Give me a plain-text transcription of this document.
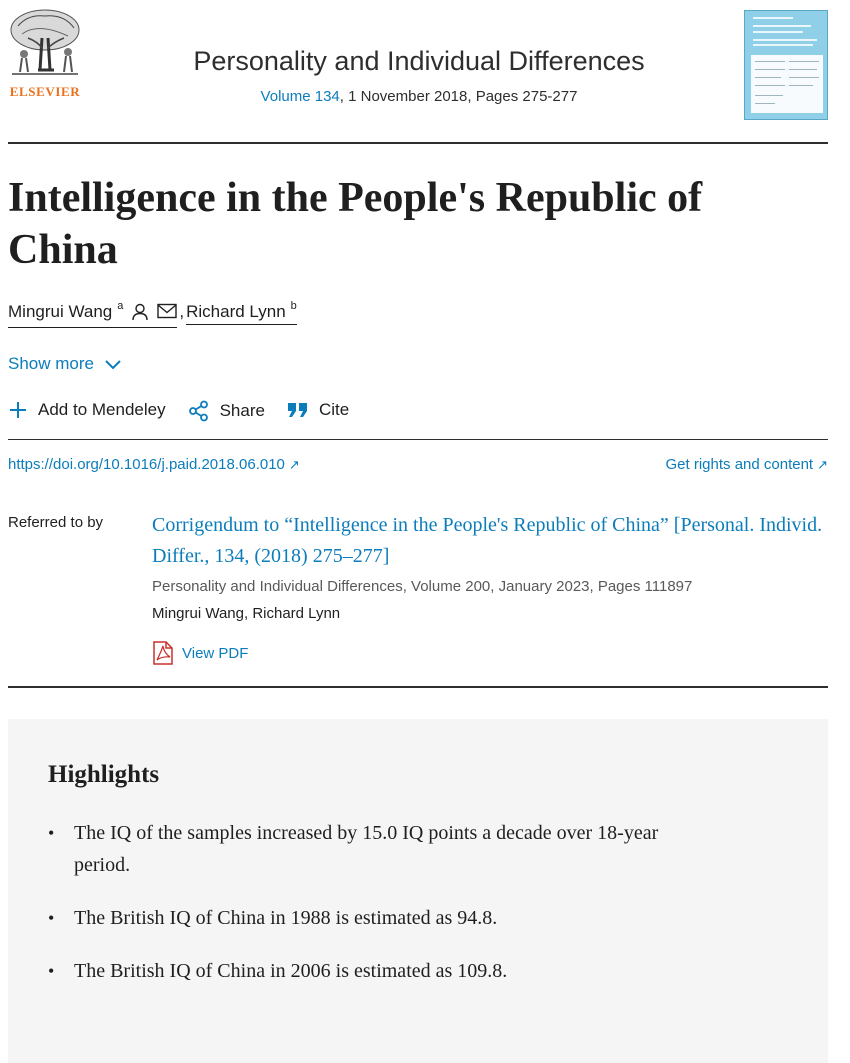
ELSEVIER
Personality and Individual Differences
Volume 134, 1 November 2018, Pages 275-277
Intelligence in the People's Republic of China
Mingrui Wang $^a$	, Richard Lynn $^b$
Show more
Add to Mendeley	Share	Cite
https://doi.org/10.1016/j.paid.2018.06.010 ↗	Get rights and content ↗
Referred to by Corrigendum to “Intelligence in the People's Republic of China” [Personal. Individ. Differ., 134, (2018) 275–277]
Personality and Individual Differences, Volume 200, January 2023, Pages 111897
Mingrui Wang, Richard Lynn
View PDF
Highlights
• The IQ of the samples increased by 15.0 IQ points a decade over 18-year period.
• The British IQ of China in 1988 is estimated as 94.8.
• The British IQ of China in 2006 is estimated as 109.8.
